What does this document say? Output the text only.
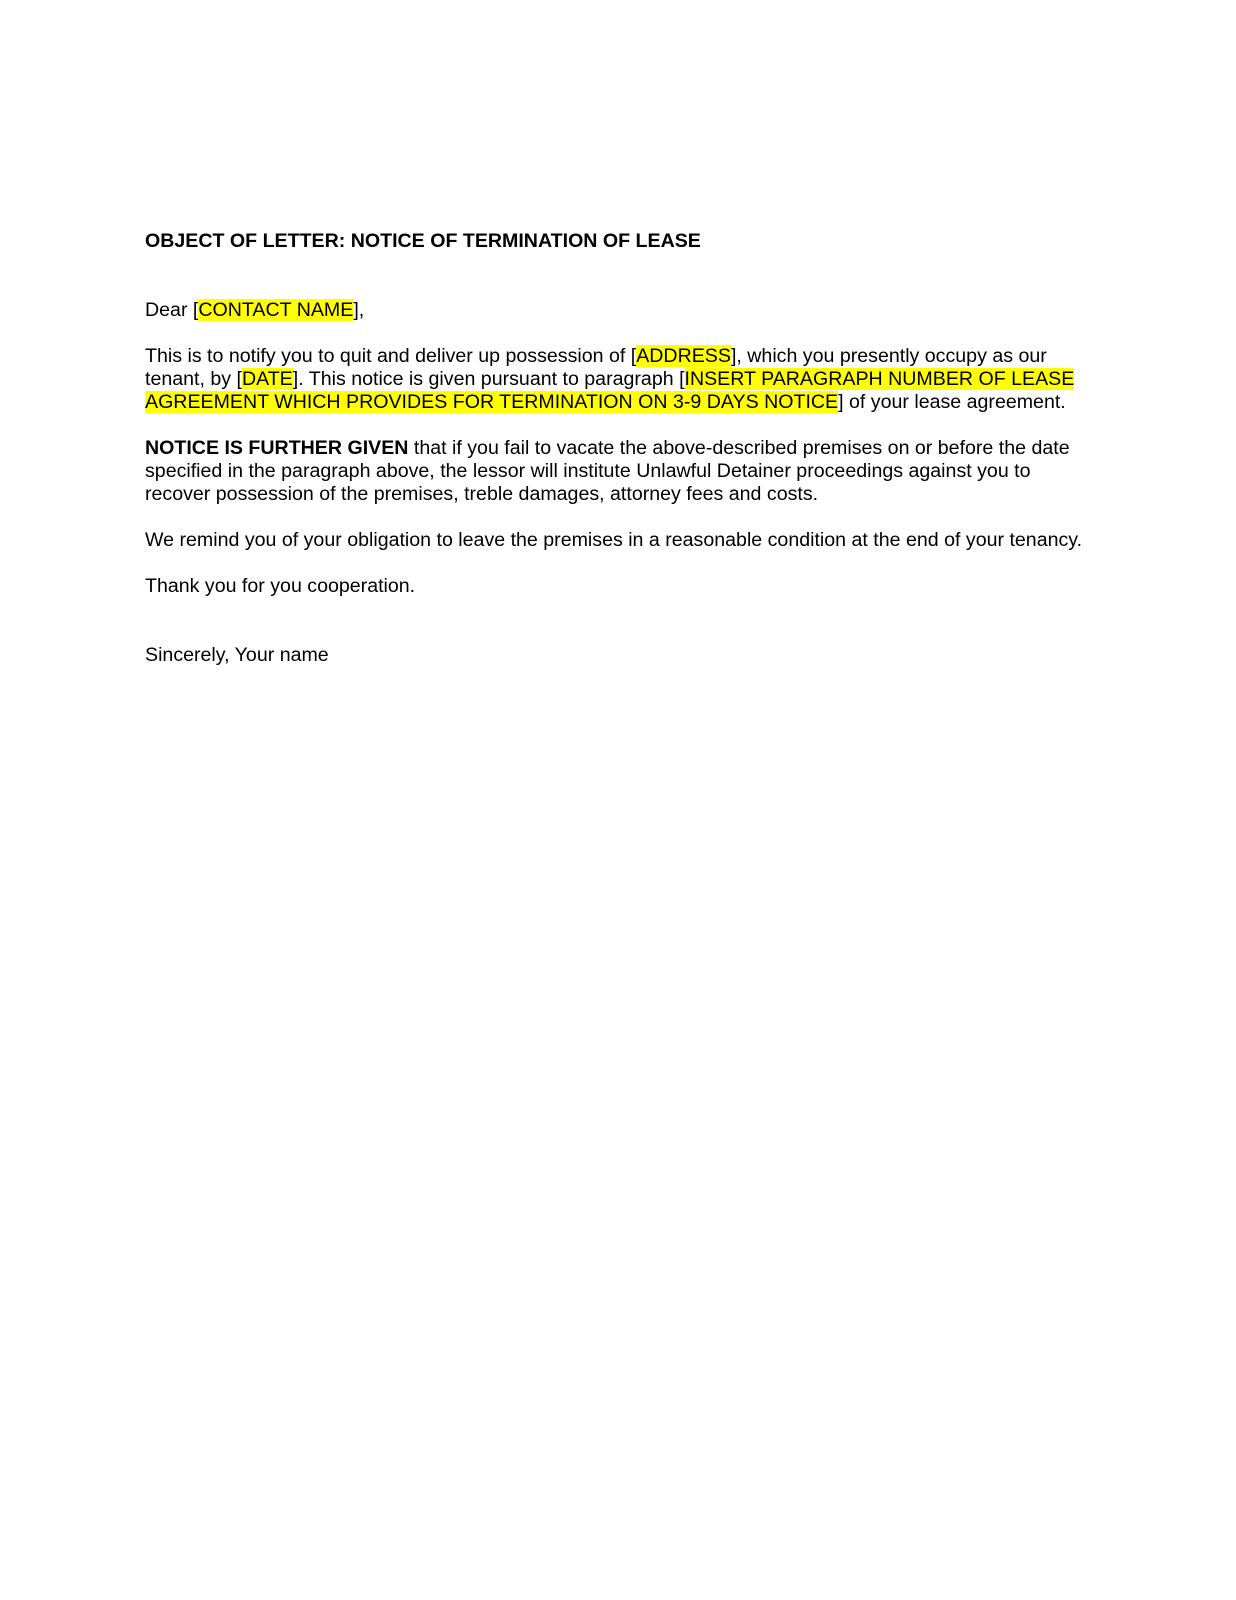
OBJECT OF LETTER: NOTICE OF TERMINATION OF LEASE

Dear [CONTACT NAME],

This is to notify you to quit and deliver up possession of [ADDRESS], which you presently occupy as our tenant, by [DATE]. This notice is given pursuant to paragraph [INSERT PARAGRAPH NUMBER OF LEASE AGREEMENT WHICH PROVIDES FOR TERMINATION ON 3-9 DAYS NOTICE] of your lease agreement.

NOTICE IS FURTHER GIVEN that if you fail to vacate the above-described premises on or before the date specified in the paragraph above, the lessor will institute Unlawful Detainer proceedings against you to recover possession of the premises, treble damages, attorney fees and costs.

We remind you of your obligation to leave the premises in a reasonable condition at the end of your tenancy.

Thank you for you cooperation.

Sincerely, Your name
